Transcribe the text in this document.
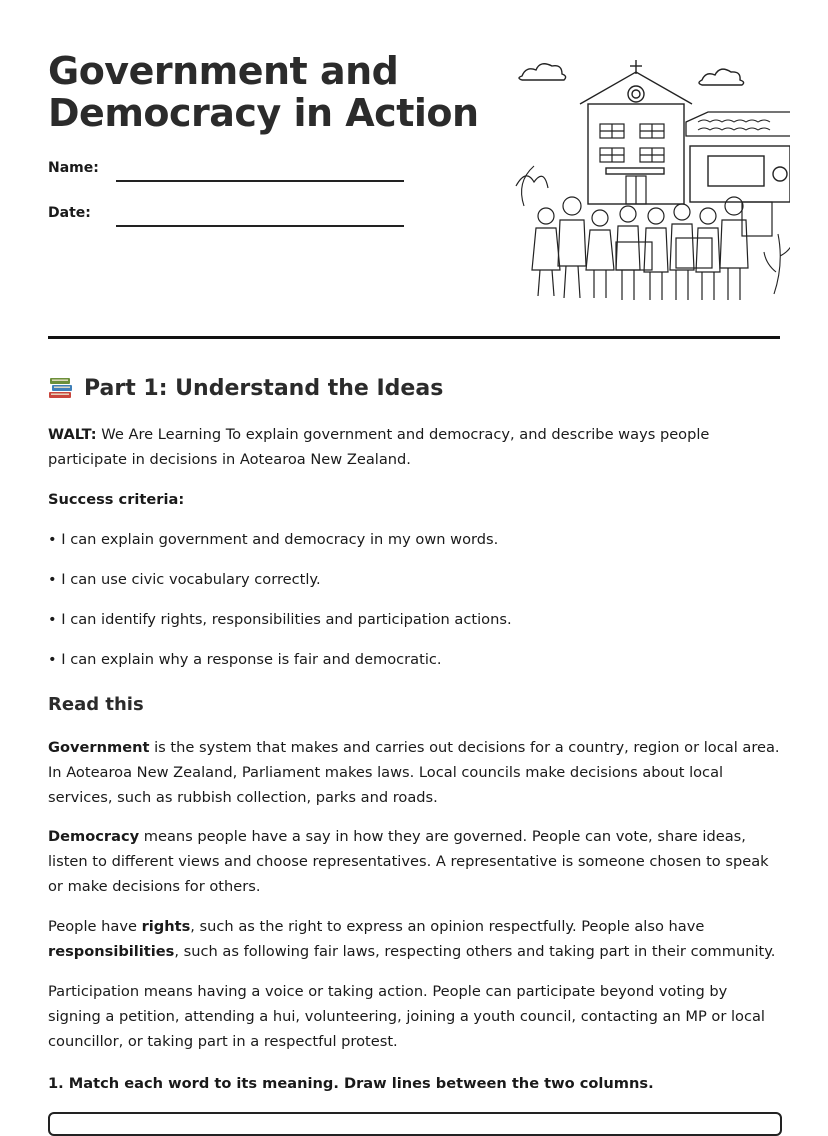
Government and Democracy in Action
Name:
Date:
Part 1: Understand the Ideas
WALT: We Are Learning To explain government and democracy, and describe ways people participate in decisions in Aotearoa New Zealand.
Success criteria:
• I can explain government and democracy in my own words.
• I can use civic vocabulary correctly.
• I can identify rights, responsibilities and participation actions.
• I can explain why a response is fair and democratic.
Read this
Government is the system that makes and carries out decisions for a country, region or local area. In Aotearoa New Zealand, Parliament makes laws. Local councils make decisions about local services, such as rubbish collection, parks and roads.
Democracy means people have a say in how they are governed. People can vote, share ideas, listen to different views and choose representatives. A representative is someone chosen to speak or make decisions for others.
People have rights, such as the right to express an opinion respectfully. People also have responsibilities, such as following fair laws, respecting others and taking part in their community.
Participation means having a voice or taking action. People can participate beyond voting by signing a petition, attending a hui, volunteering, joining a youth council, contacting an MP or local councillor, or taking part in a respectful protest.
1. Match each word to its meaning. Draw lines between the two columns.
